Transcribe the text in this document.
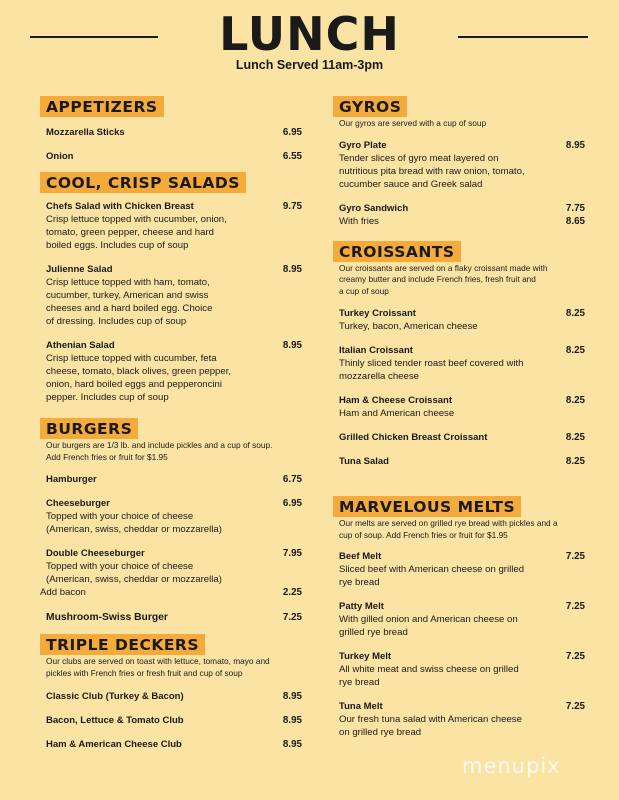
LUNCH
Lunch Served 11am-3pm
APPETIZERS
Mozzarella Sticks	6.95
Onion	6.55
COOL, CRISP SALADS
Chefs Salad with Chicken Breast	9.75
Crisp lettuce topped with cucumber, onion,
tomato, green pepper, cheese and hard
boiled eggs. Includes cup of soup
Julienne Salad	8.95
Crisp lettuce topped with ham, tomato,
cucumber, turkey, American and swiss
cheeses and a hard boiled egg. Choice
of dressing. Includes cup of soup
Athenian Salad	8.95
Crisp lettuce topped with cucumber, feta
cheese, tomato, black olives, green pepper,
onion, hard boiled eggs and pepperoncini
pepper. Includes cup of soup
BURGERS
Our burgers are 1/3 lb. and include pickles and a cup of soup.
Add French fries or fruit for $1.95
Hamburger	6.75
Cheeseburger	6.95
Topped with your choice of cheese
(American, swiss, cheddar or mozzarella)
Double Cheeseburger	7.95
Topped with your choice of cheese
(American, swiss, cheddar or mozzarella)
Add bacon	2.25
Mushroom-Swiss Burger	7.25
TRIPLE DECKERS
Our clubs are served on toast with lettuce, tomato, mayo and
pickles with French fries or fresh fruit and cup of soup
Classic Club (Turkey & Bacon)	8.95
Bacon, Lettuce & Tomato Club	8.95
Ham & American Cheese Club	8.95
GYROS
Our gyros are served with a cup of soup
Gyro Plate	8.95
Tender slices of gyro meat layered on
nutritious pita bread with raw onion, tomato,
cucumber sauce and Greek salad
Gyro Sandwich	7.75
With fries	8.65
CROISSANTS
Our croissants are served on a flaky croissant made with
creamy butter and include French fries, fresh fruit and
a cup of soup
Turkey Croissant	8.25
Turkey, bacon, American cheese
Italian Croissant	8.25
Thinly sliced tender roast beef covered with
mozzarella cheese
Ham & Cheese Croissant	8.25
Ham and American cheese
Grilled Chicken Breast Croissant	8.25
Tuna Salad	8.25
MARVELOUS MELTS
Our melts are served on grilled rye bread with pickles and a
cup of soup. Add French fries or fruit for $1.95
Beef Melt	7.25
Sliced beef with American cheese on grilled
rye bread
Patty Melt	7.25
With gilled onion and American cheese on
grilled rye bread
Turkey Melt	7.25
All white meat and swiss cheese on grilled
rye bread
Tuna Melt	7.25
Our fresh tuna salad with American cheese
on grilled rye bread
menupix
